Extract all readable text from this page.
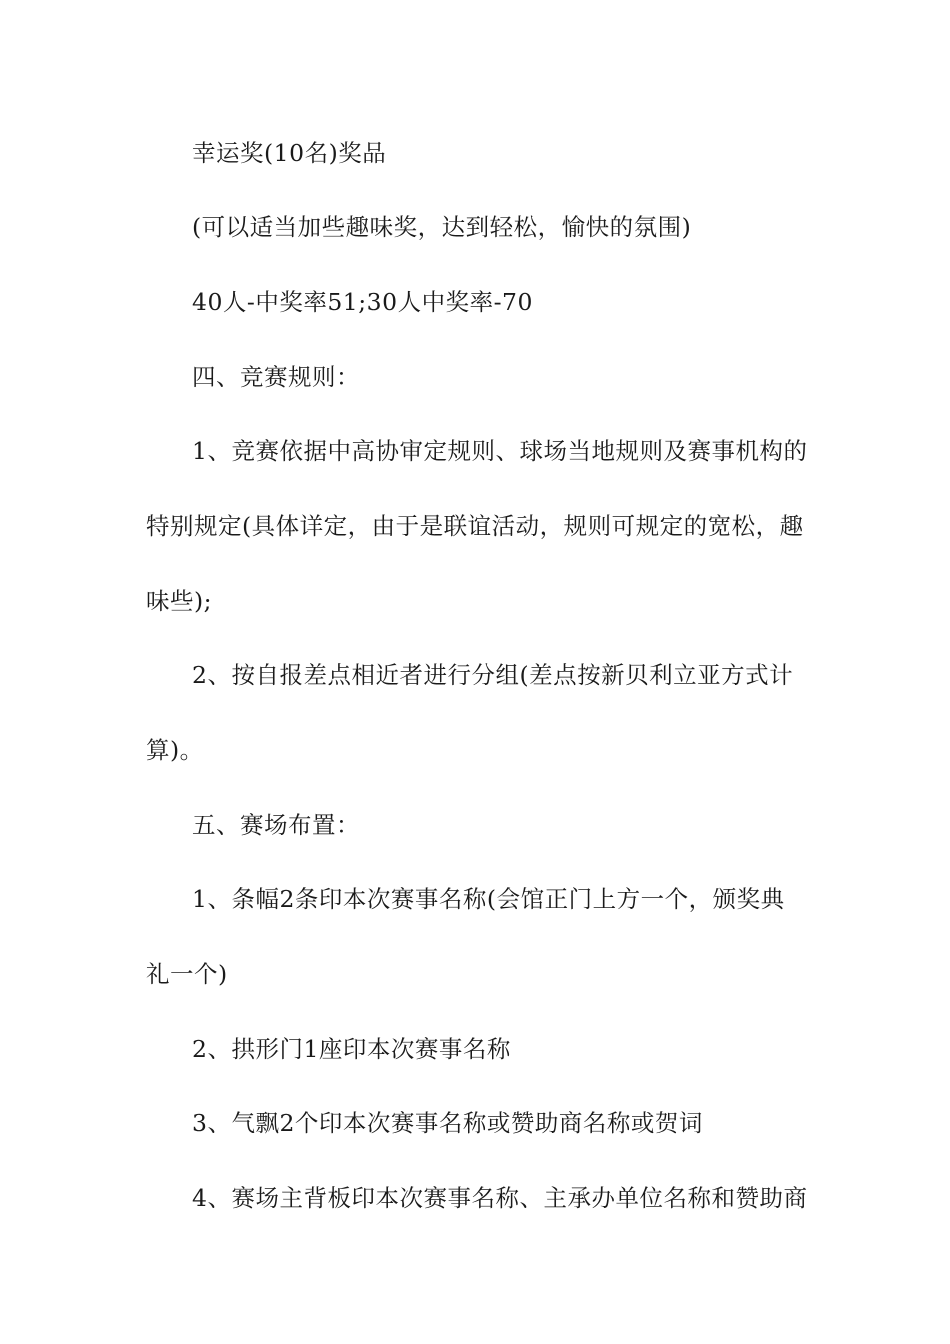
幸运奖(10名)奖品
(可以适当加些趣味奖，达到轻松，愉快的氛围)
40人-中奖率51;30人中奖率-70
四、竞赛规则：
1、竞赛依据中高协审定规则、球场当地规则及赛事机构的
特别规定(具体详定，由于是联谊活动，规则可规定的宽松，趣
味些);
2、按自报差点相近者进行分组(差点按新贝利立亚方式计
算)。
五、赛场布置：
1、条幅2条印本次赛事名称(会馆正门上方一个，颁奖典
礼一个)
2、拱形门1座印本次赛事名称
3、气飘2个印本次赛事名称或赞助商名称或贺词
4、赛场主背板印本次赛事名称、主承办单位名称和赞助商
